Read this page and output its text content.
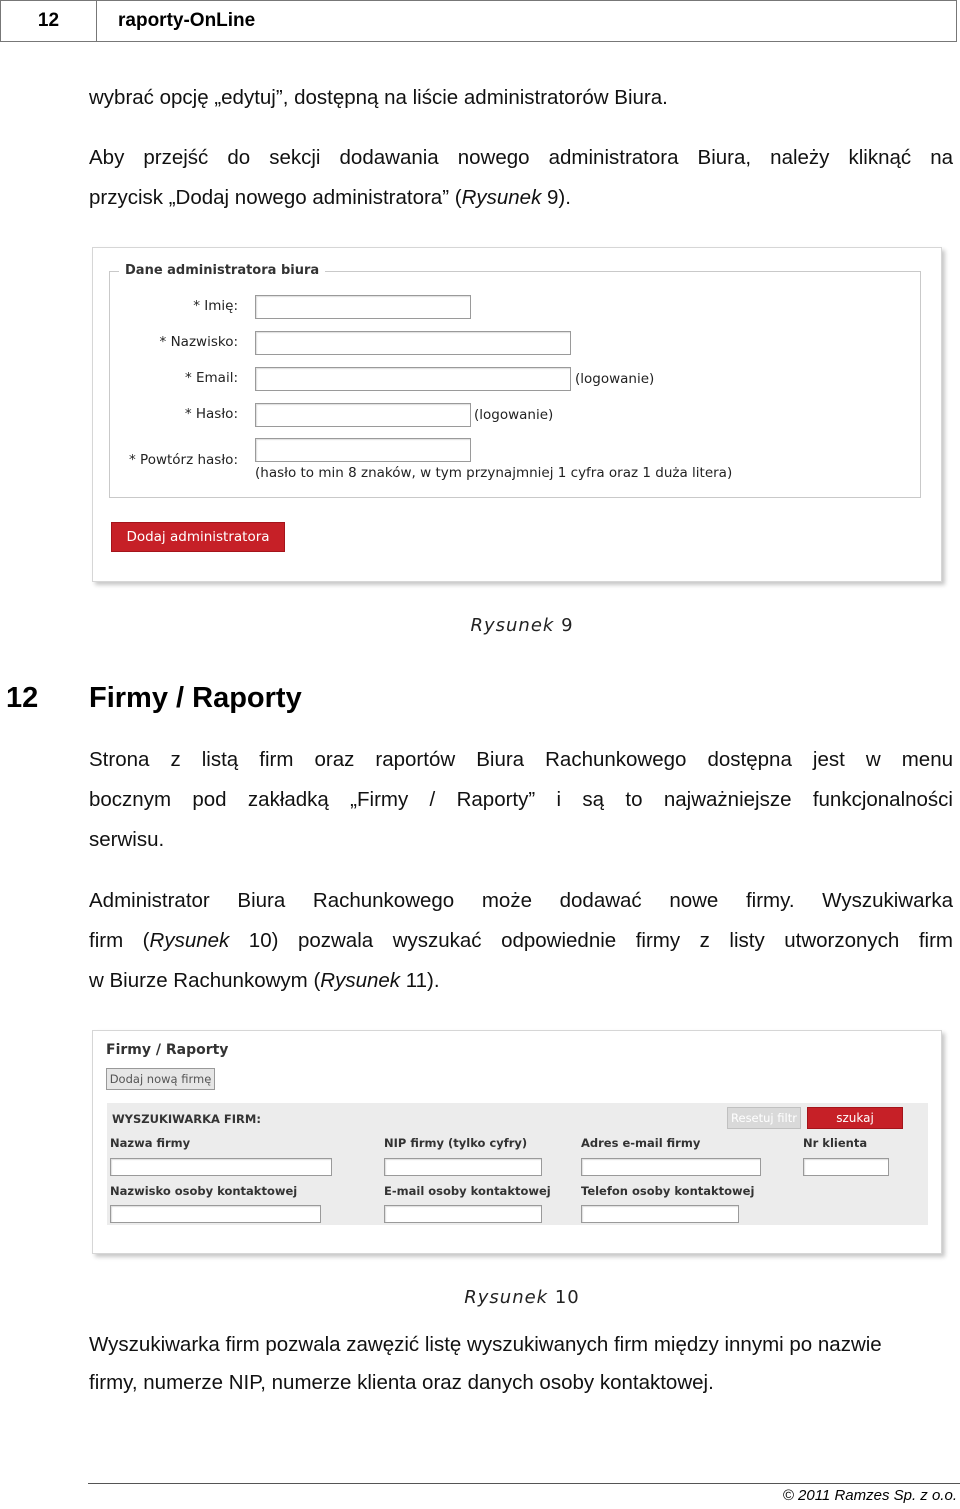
12	raporty-OnLine
wybrać opcję „edytuj”, dostępną na liście administratorów Biura.
Aby przejść do sekcji dodawania nowego administratora Biura, należy kliknąć na
przycisk „Dodaj nowego administratora” (Rysunek 9).
Dane administratora biura
* Imię:
* Nazwisko:
* Email:	(logowanie)
* Hasło:	(logowanie)
* Powtórz hasło:
(hasło to min 8 znaków, w tym przynajmniej 1 cyfra oraz 1 duża litera)
Dodaj administratora
Rysunek 9
12 Firmy / Raporty
Strona z listą firm oraz raportów Biura Rachunkowego dostępna jest w menu
bocznym pod zakładką „Firmy / Raporty” i są to najważniejsze funkcjonalności
serwisu.
Administrator Biura Rachunkowego może dodawać nowe firmy. Wyszukiwarka
firm (Rysunek 10) pozwala wyszukać odpowiednie firmy z listy utworzonych firm
w Biurze Rachunkowym (Rysunek 11).
Firmy / Raporty
Dodaj nową firmę
WYSZUKIWARKA FIRM:	Resetuj filtr	szukaj
Nazwa firmy	NIP firmy (tylko cyfry)	Adres e-mail firmy	Nr klienta
Nazwisko osoby kontaktowej	E-mail osoby kontaktowej	Telefon osoby kontaktowej
Rysunek 10
Wyszukiwarka firm pozwala zawęzić listę wyszukiwanych firm między innymi po nazwie
firmy, numerze NIP, numerze klienta oraz danych osoby kontaktowej.
© 2011 Ramzes Sp. z o.o.
